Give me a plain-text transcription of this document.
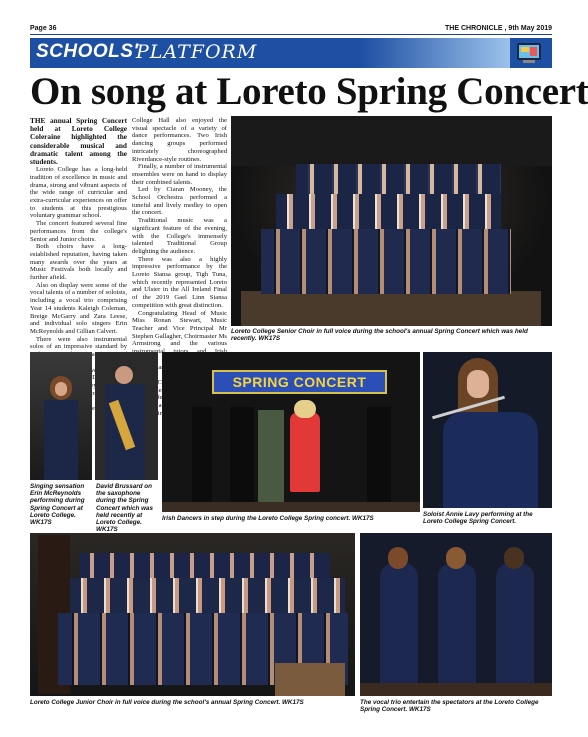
Page 36	THE CHRONICLE , 9th May 2019
SCHOOLS'
PLATFORM
On song at Loreto Spring Concert

THE annual Spring Concert held at Loreto College Coleraine highlighted the considerable musical and dramatic talent among the students.

Loreto College has a long-held tradition of excellence in music and drama, strong and vibrant aspects of the wide range of curricular and extra-curricular experiences on offer to students at this prestigious voluntary grammar school.

The concert featured several fine performances from the college's Senior and Junior choirs.

Both choirs have a long-established reputation, having taken many awards over the years at Music Festivals both locally and further afield.

Also on display were some of the vocal talents of a number of soloists, including a vocal trio comprising Year 14 students Kaleigh Coleman, Breige McGarry and Zara Leese, and individual solo singers Erin McReynolds and Gillian Calvert.

There were also instrumental solos of an impressive standard by

College Hall also enjoyed the visual spectacle of a variety of dance performances. Two Irish dancing groups performed intricately choreographed Riverdance-style routines.

Finally, a number of instrumental ensembles were on hand to display their combined talents.

Led by Ciaran Mooney, the School Orchestra performed a tuneful and lively medley to open the concert.

Traditional music was a significant feature of the evening, with the College's immensely talented Traditional Group delighting the audience.

There was also a highly impressive performance by the Loreto Siansa group, Tigh Tuna, which recently represented Loreto and Ulster in the All Ireland Final of the 2019 Gael Linn Siansa competition with great distinction.

Congratulating Head of Music Miss Ronan Stewart, Music Teacher and Vice Principal Mr Stephen Gallagher, Choirmaster Ms Armstrong and the various in

Loreto College Senior Choir in full voice during the school's annual Spring Concert which was held recently. WK17S
Singing sensation Erin McReynolds performing during Spring Concert at Loreto College. WK17S
David Brussard on the saxophone during the Spring Concert which was held recently at Loreto College. WK17S
SPRING CONCERT
Irish Dancers in step during the Loreto College Spring concert. WK17S
Soloist Annie Lavy performing at the Loreto College Spring Concert.
Loreto College Junior Choir in full voice during the school's annual Spring Concert. WK17S	The vocal trio entertain the spectators at the Loreto College Spring Concert. WK17S
